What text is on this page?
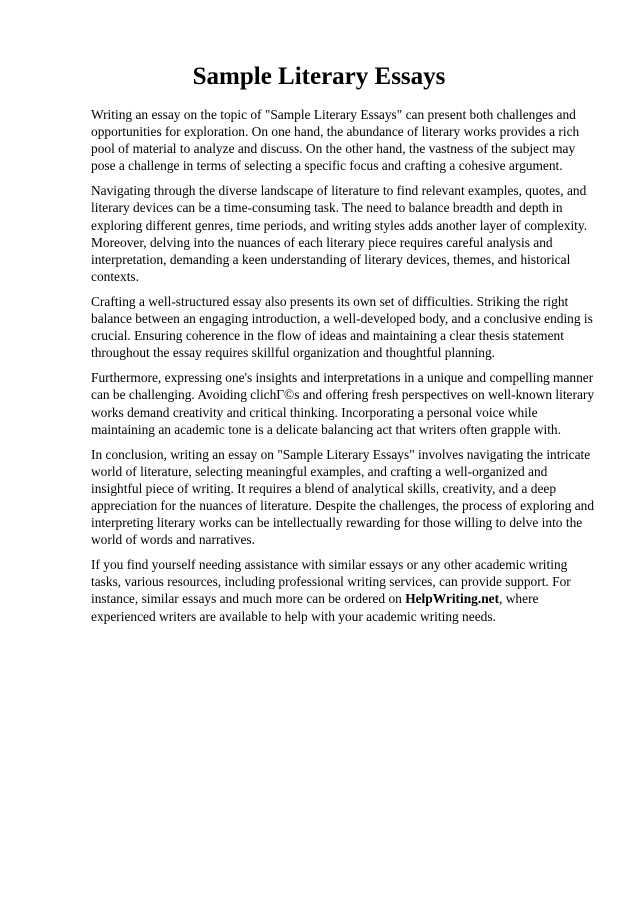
Sample Literary Essays

Writing an essay on the topic of "Sample Literary Essays" can present both challenges and opportunities for exploration. On one hand, the abundance of literary works provides a rich pool of material to analyze and discuss. On the other hand, the vastness of the subject may pose a challenge in terms of selecting a specific focus and crafting a cohesive argument.

Navigating through the diverse landscape of literature to find relevant examples, quotes, and literary devices can be a time-consuming task. The need to balance breadth and depth in exploring different genres, time periods, and writing styles adds another layer of complexity. Moreover, delving into the nuances of each literary piece requires careful analysis and interpretation, demanding a keen understanding of literary devices, themes, and historical contexts.

Crafting a well-structured essay also presents its own set of difficulties. Striking the right balance between an engaging introduction, a well-developed body, and a conclusive ending is crucial. Ensuring coherence in the flow of ideas and maintaining a clear thesis statement throughout the essay requires skillful organization and thoughtful planning.

Furthermore, expressing one's insights and interpretations in a unique and compelling manner can be challenging. Avoiding clichГ©s and offering fresh perspectives on well-known literary works demand creativity and critical thinking. Incorporating a personal voice while maintaining an academic tone is a delicate balancing act that writers often grapple with.

In conclusion, writing an essay on "Sample Literary Essays" involves navigating the intricate world of literature, selecting meaningful examples, and crafting a well-organized and insightful piece of writing. It requires a blend of analytical skills, creativity, and a deep appreciation for the nuances of literature. Despite the challenges, the process of exploring and interpreting literary works can be intellectually rewarding for those willing to delve into the world of words and narratives.

If you find yourself needing assistance with similar essays or any other academic writing tasks, various resources, including professional writing services, can provide support. For instance, similar essays and much more can be ordered on HelpWriting.net, where experienced writers are available to help with your academic writing needs.
